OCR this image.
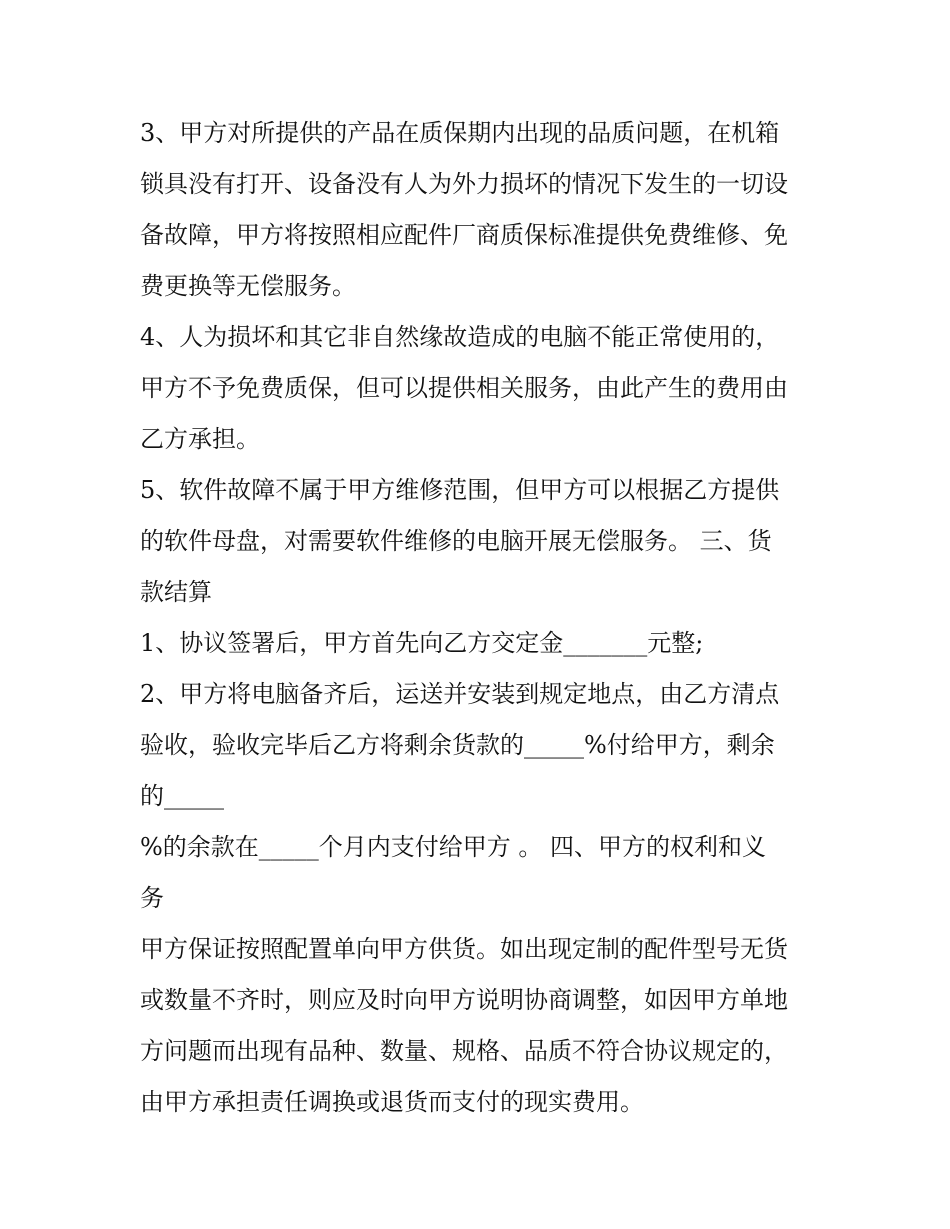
3、甲方对所提供的产品在质保期内出现的品质问题，在机箱
锁具没有打开、设备没有人为外力损坏的情况下发生的一切设
备故障，甲方将按照相应配件厂商质保标准提供免费维修、免
费更换等无偿服务。
4、人为损坏和其它非自然缘故造成的电脑不能正常使用的，
甲方不予免费质保，但可以提供相关服务，由此产生的费用由
乙方承担。
5、软件故障不属于甲方维修范围，但甲方可以根据乙方提供
的软件母盘，对需要软件维修的电脑开展无偿服务。 三、货
款结算
1、协议签署后，甲方首先向乙方交定金_______元整;
2、甲方将电脑备齐后，运送并安装到规定地点，由乙方清点
验收，验收完毕后乙方将剩余货款的_____%付给甲方，剩余
的_____
%的余款在_____个月内支付给甲方 。 四、甲方的权利和义
务
甲方保证按照配置单向甲方供货。如出现定制的配件型号无货
或数量不齐时，则应及时向甲方说明协商调整，如因甲方单地
方问题而出现有品种、数量、规格、品质不符合协议规定的，
由甲方承担责任调换或退货而支付的现实费用。
